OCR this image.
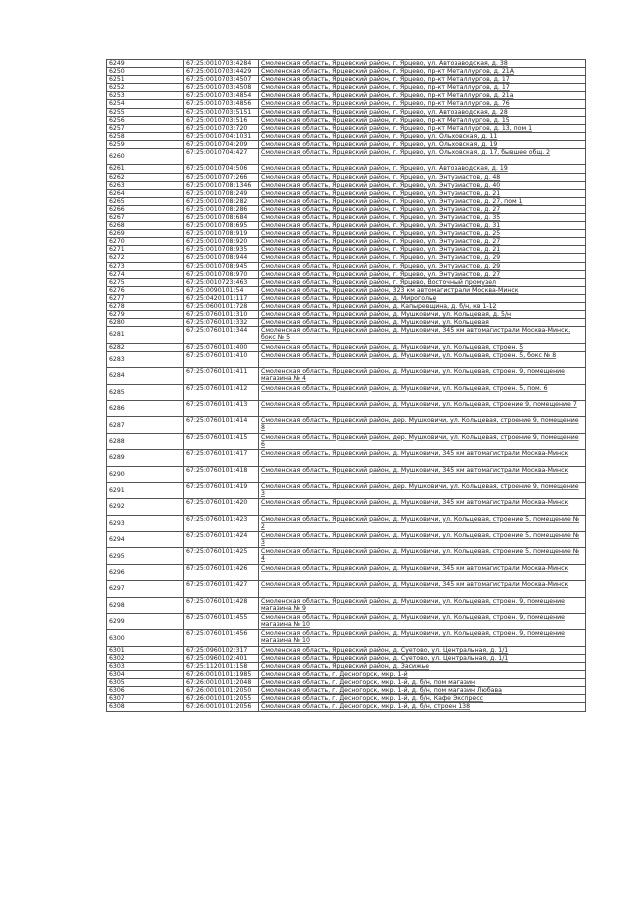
6249	67:25:0010703:4284	Смоленская область, Ярцевский район, г. Ярцево, ул. Автозаводская, д. 38
6250	67:25:0010703:4429	Смоленская область, Ярцевский район, г. Ярцево, пр-кт Металлургов, д. 21А
6251	67:25:0010703:4507	Смоленская область, Ярцевский район, г. Ярцево, пр-кт Металлургов, д. 17
6252	67:25:0010703:4508	Смоленская область, Ярцевский район, г. Ярцево, пр-кт Металлургов, д. 17
6253	67:25:0010703:4854	Смоленская область, Ярцевский район, г. Ярцево, пр-кт Металлургов, д. 21а
6254	67:25:0010703:4856	Смоленская область, Ярцевский район, г. Ярцево, пр-кт Металлургов, д. 76
6255	67:25:0010703:5151	Смоленская область, Ярцевский район, г. Ярцево, ул. Автозаводская, д. 28
6256	67:25:0010703:516	Смоленская область, Ярцевский район, г. Ярцево, пр-кт Металлургов, д. 15
6257	67:25:0010703:720	Смоленская область, Ярцевский район, г. Ярцево, пр-кт Металлургов, д. 13, пом 1
6258	67:25:0010704:1031	Смоленская область, Ярцевский район, г. Ярцево, ул. Ольховская, д. 11
6259	67:25:0010704:209	Смоленская область, Ярцевский район, г. Ярцево, ул. Ольховская, д. 19
6260	67:25:0010704:427	Смоленская область, Ярцевский район, г. Ярцево, ул. Ольховская, д. 17, бывшее общ. 2
6261	67:25:0010704:506	Смоленская область, Ярцевский район, г. Ярцево, ул. Автозаводская, д. 19
6262	67:25:0010707:266	Смоленская область, Ярцевский район, г. Ярцево, ул. Энтузиастов, д. 48
6263	67:25:0010708:1346	Смоленская область, Ярцевский район, г. Ярцево, ул. Энтузиастов, д. 40
6264	67:25:0010708:249	Смоленская область, Ярцевский район, г. Ярцево, ул. Энтузиастов, д. 21
6265	67:25:0010708:282	Смоленская область, Ярцевский район, г. Ярцево, ул. Энтузиастов, д. 27, пом 1
6266	67:25:0010708:286	Смоленская область, Ярцевский район, г. Ярцево, ул. Энтузиастов, д. 27
6267	67:25:0010708:684	Смоленская область, Ярцевский район, г. Ярцево, ул. Энтузиастов, д. 35
6268	67:25:0010708:695	Смоленская область, Ярцевский район, г. Ярцево, ул. Энтузиастов, д. 31
6269	67:25:0010708:919	Смоленская область, Ярцевский район, г. Ярцево, ул. Энтузиастов, д. 25
6270	67:25:0010708:920	Смоленская область, Ярцевский район, г. Ярцево, ул. Энтузиастов, д. 27
6271	67:25:0010708:935	Смоленская область, Ярцевский район, г. Ярцево, ул. Энтузиастов, д. 21
6272	67:25:0010708:944	Смоленская область, Ярцевский район, г. Ярцево, ул. Энтузиастов, д. 29
6273	67:25:0010708:945	Смоленская область, Ярцевский район, г. Ярцево, ул. Энтузиастов, д. 29
6274	67:25:0010708:970	Смоленская область, Ярцевский район, г. Ярцево, ул. Энтузиастов, д. 27
6275	67:25:0010723:463	Смоленская область, Ярцевский район, г. Ярцево, Восточный промузел
6276	67:25:0090101:54	Смоленская область, Ярцевский район, 323 км автомагистрали Москва-Минск
6277	67:25:0420101:117	Смоленская область, Ярцевский район, д. Мироголье
6278	67:25:0600101:728	Смоленская область, Ярцевский район, д. Капыревщина, д. б/н, кв 1-12
6279	67:25:0760101:310	Смоленская область, Ярцевский район, д. Мушковичи, ул. Кольцевая, д. 5/н
6280	67:25:0760101:332	Смоленская область, Ярцевский район, д. Мушковичи, ул. Кольцевая
6281	67:25:0760101:344	Смоленская область, Ярцевский район, д. Мушковичи, 345 км автомагистрали Москва-Минск, бокс № 5
6282	67:25:0760101:400	Смоленская область, Ярцевский район, д. Мушковичи, ул. Кольцевая, строен. 5
6283	67:25:0760101:410	Смоленская область, Ярцевский район, д. Мушковичи, ул. Кольцевая, строен. 5, бокс № 8
6284	67:25:0760101:411	Смоленская область, Ярцевский район, д. Мушковичи, ул. Кольцевая, строен. 9, помещение магазина № 4
6285	67:25:0760101:412	Смоленская область, Ярцевский район, д. Мушковичи, ул. Кольцевая, строен. 5, пом. 6
6286	67:25:0760101:413	Смоленская область, Ярцевский район, д. Мушковичи, ул. Кольцевая, строение 9, помещение 7
6287	67:25:0760101:414	Смоленская область, Ярцевский район, дер. Мушковичи, ул. Кольцевая, строение 9, помещение 8
6288	67:25:0760101:415	Смоленская область, Ярцевский район, дер. Мушковичи, ул. Кольцевая, строение 9, помещение 6
6289	67:25:0760101:417	Смоленская область, Ярцевский район, д. Мушковичи, 345 км автомагистрали Москва-Минск
6290	67:25:0760101:418	Смоленская область, Ярцевский район, д. Мушковичи, 345 км автомагистрали Москва-Минск
6291	67:25:0760101:419	Смоленская область, Ярцевский район, дер. Мушковичи, ул. Кольцевая, строение 9, помещение 3
6292	67:25:0760101:420	Смоленская область, Ярцевский район, д. Мушковичи, 345 км автомагистрали Москва-Минск
6293	67:25:0760101:423	Смоленская область, Ярцевский район, д. Мушковичи, ул. Кольцевая, строение 5, помещение № 2
6294	67:25:0760101:424	Смоленская область, Ярцевский район, д. Мушковичи, ул. Кольцевая, строение 5, помещение № 3
6295	67:25:0760101:425	Смоленская область, Ярцевский район, д. Мушковичи, ул. Кольцевая, строение 5, помещение № 4
6296	67:25:0760101:426	Смоленская область, Ярцевский район, д. Мушковичи, 345 км автомагистрали Москва-Минск
6297	67:25:0760101:427	Смоленская область, Ярцевский район, д. Мушковичи, 345 км автомагистрали Москва-Минск
6298	67:25:0760101:428	Смоленская область, Ярцевский район, д. Мушковичи, ул. Кольцевая, строен. 9, помещение магазина № 9
6299	67:25:0760101:455	Смоленская область, Ярцевский район, д. Мушковичи, ул. Кольцевая, строен. 9, помещение магазина № 10
6300	67:25:0760101:456	Смоленская область, Ярцевский район, д. Мушковичи, ул. Кольцевая, строен. 9, помещение магазина № 10
6301	67:25:0960102:317	Смоленская область, Ярцевский район, д. Суетово, ул. Центральная, д. 1/1
6302	67:25:0960102:401	Смоленская область, Ярцевский район, д. Суетово, ул. Центральная, д. 1/1
6303	67:25:1120101:158	Смоленская область, Ярцевский район, д. Засижье
6304	67:26:0010101:1985	Смоленская область, г. Десногорск, мкр. 1-й
6305	67:26:0010101:2048	Смоленская область, г. Десногорск, мкр. 1-й, д. б/н, пом магазин
6306	67:26:0010101:2050	Смоленская область, г. Десногорск, мкр. 1-й, д. б/н, пом магазин Любава
6307	67:26:0010101:2055	Смоленская область, г. Десногорск, мкр. 1-й, д. б/н, Кафе Экспресс
6308	67:26:0010101:2056	Смоленская область, г. Десногорск, мкр. 1-й, д. б/н, строен 138
